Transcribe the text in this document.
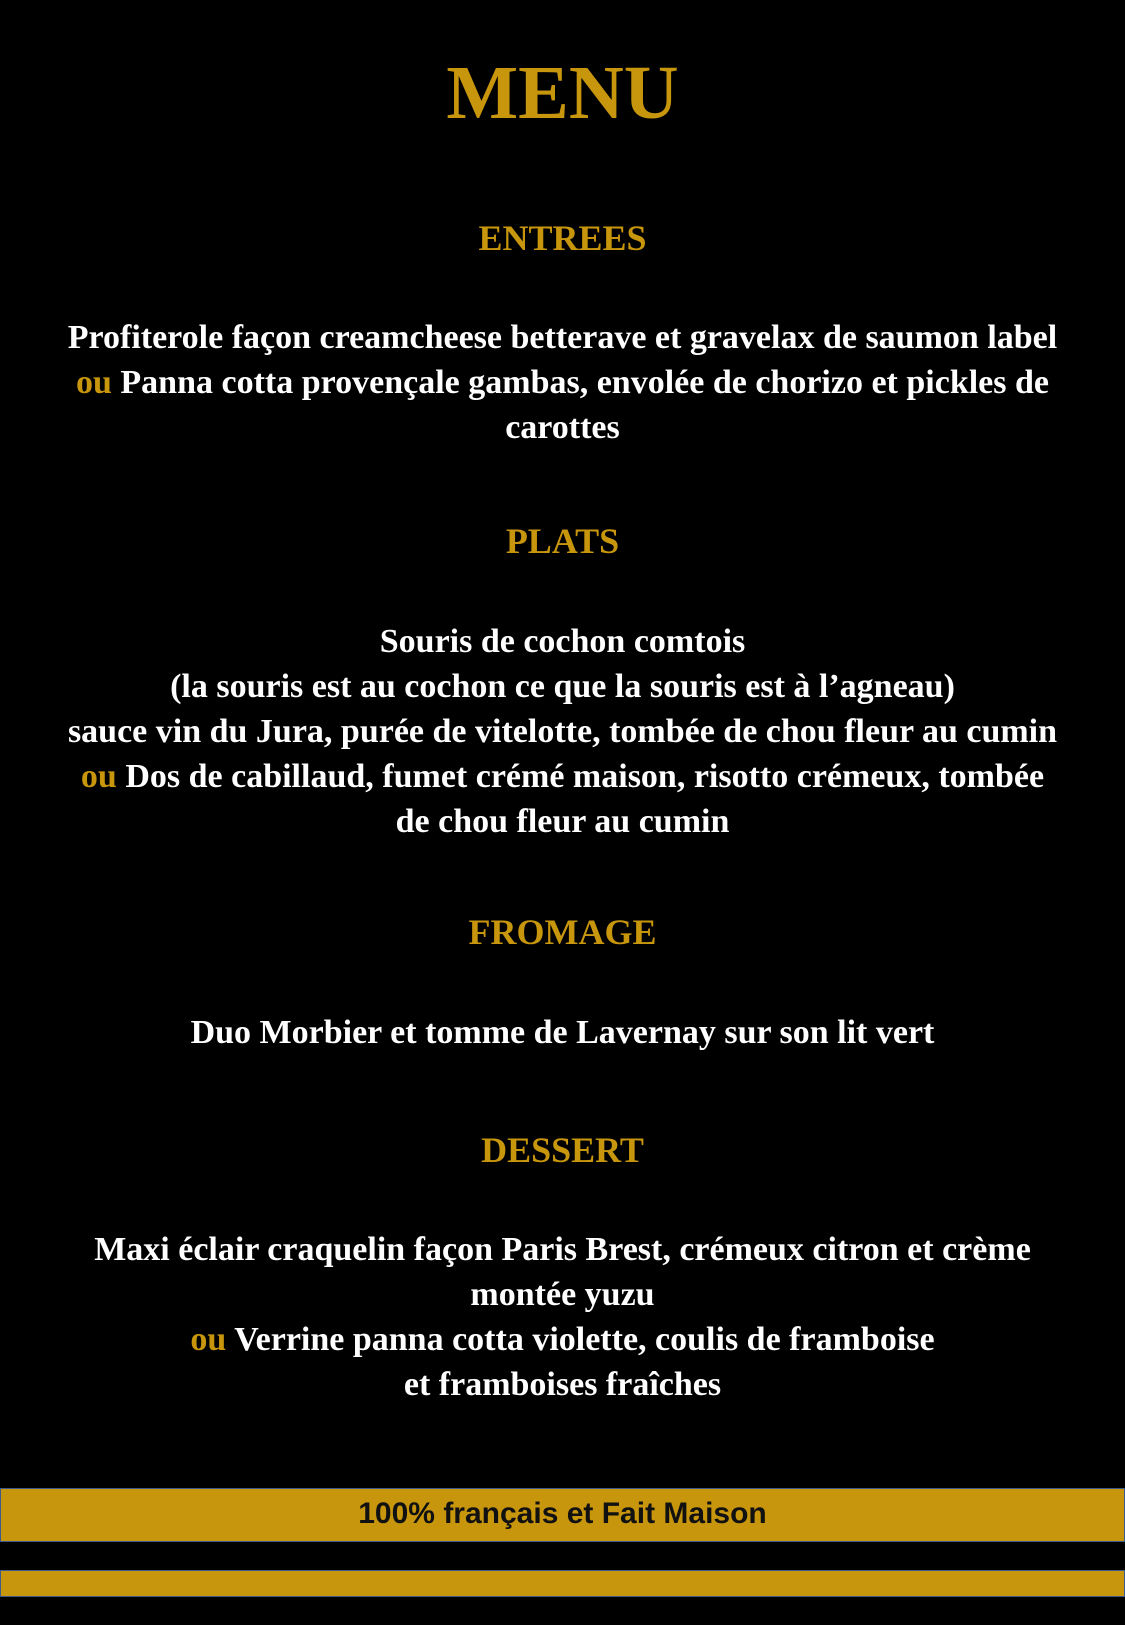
MENU
ENTREES
Profiterole façon creamcheese betterave et gravelax de saumon label
ou Panna cotta provençale gambas, envolée de chorizo et pickles de
carottes
PLATS
Souris de cochon comtois
(la souris est au cochon ce que la souris est à l’agneau)
sauce vin du Jura, purée de vitelotte, tombée de chou fleur au cumin
ou Dos de cabillaud, fumet crémé maison, risotto crémeux, tombée
de chou fleur au cumin
FROMAGE
Duo Morbier et tomme de Lavernay sur son lit vert
DESSERT
Maxi éclair craquelin façon Paris Brest, crémeux citron et crème
montée yuzu
ou Verrine panna cotta violette, coulis de framboise
et framboises fraîches
100% français et Fait Maison
